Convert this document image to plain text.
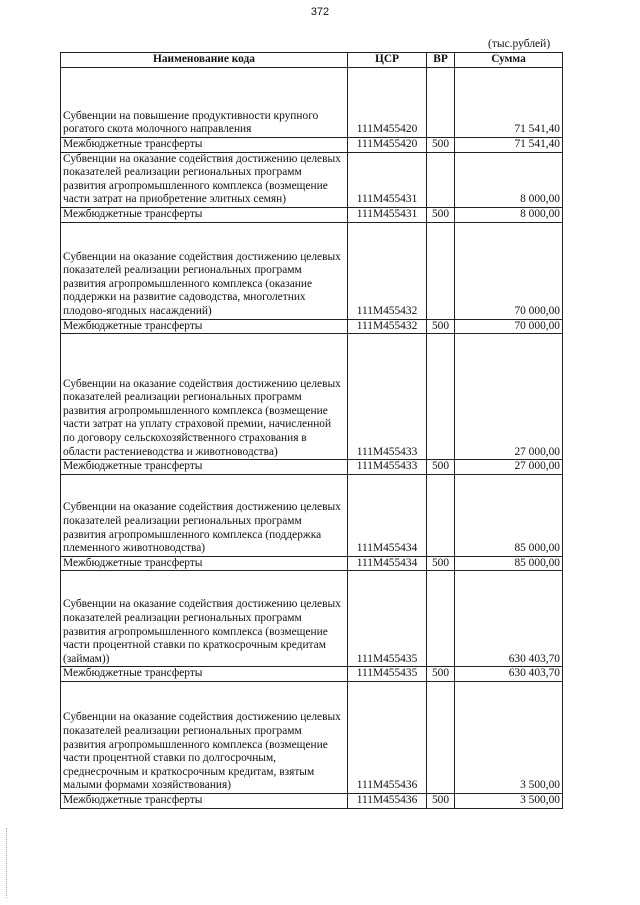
372
(тыс.рублей)
Наименование кода	ЦСР	ВР	Сумма
Субвенции на повышение продуктивности крупного рогатого скота молочного направления	111М455420		71 541,40
Межбюджетные трансферты	111М455420	500	71 541,40
Субвенции на оказание содействия достижению целевых показателей реализации региональных программ развития агропромышленного комплекса (возмещение части затрат на приобретение элитных семян)	111М455431		8 000,00
Межбюджетные трансферты	111М455431	500	8 000,00
Субвенции на оказание содействия достижению целевых показателей реализации региональных программ развития агропромышленного комплекса (оказание поддержки на развитие садоводства, многолетних плодово-ягодных насаждений)	111М455432		70 000,00
Межбюджетные трансферты	111М455432	500	70 000,00
Субвенции на оказание содействия достижению целевых показателей реализации региональных программ развития агропромышленного комплекса (возмещение части затрат на уплату страховой премии, начисленной по договору сельскохозяйственного страхования в области растениеводства и животноводства)	111М455433		27 000,00
Межбюджетные трансферты	111М455433	500	27 000,00
Субвенции на оказание содействия достижению целевых показателей реализации региональных программ развития агропромышленного комплекса (поддержка племенного животноводства)	111М455434		85 000,00
Межбюджетные трансферты	111М455434	500	85 000,00
Субвенции на оказание содействия достижению целевых показателей реализации региональных программ развития агропромышленного комплекса (возмещение части процентной ставки по краткосрочным кредитам (займам))	111М455435		630 403,70
Межбюджетные трансферты	111М455435	500	630 403,70
Субвенции на оказание содействия достижению целевых показателей реализации региональных программ развития агропромышленного комплекса (возмещение части процентной ставки по долгосрочным, среднесрочным и краткосрочным кредитам, взятым малыми формами хозяйствования)	111М455436		3 500,00
Межбюджетные трансферты	111М455436	500	3 500,00
